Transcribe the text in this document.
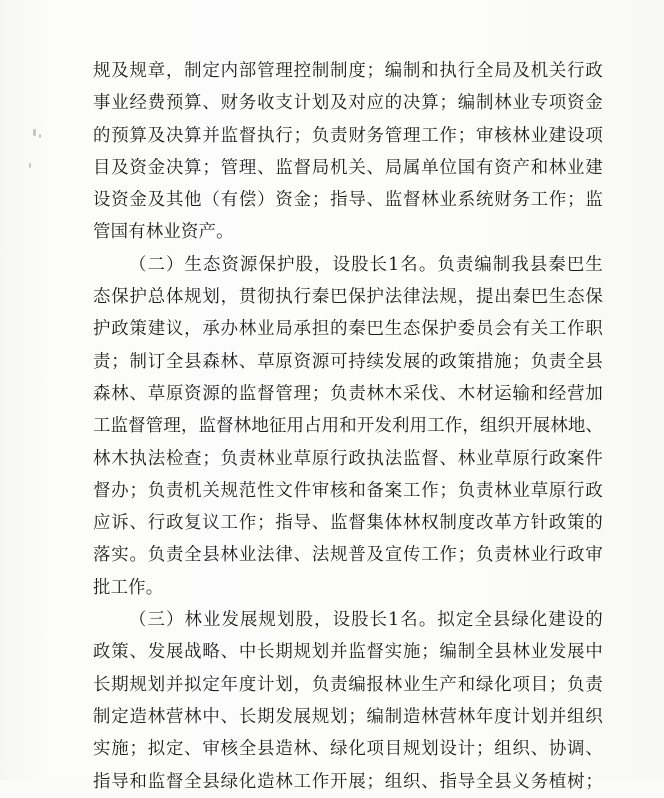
规及规章，制定内部管理控制制度；编制和执行全局及机关行政
事业经费预算、财务收支计划及对应的决算；编制林业专项资金
的预算及决算并监督执行；负责财务管理工作；审核林业建设项
目及资金决算；管理、监督局机关、局属单位国有资产和林业建
设资金及其他（有偿）资金；指导、监督林业系统财务工作；监
管国有林业资产。
（二）生态资源保护股，设股长1名。负责编制我县秦巴生
态保护总体规划，贯彻执行秦巴保护法律法规，提出秦巴生态保
护政策建议，承办林业局承担的秦巴生态保护委员会有关工作职
责；制订全县森林、草原资源可持续发展的政策措施；负责全县
森林、草原资源的监督管理；负责林木采伐、木材运输和经营加
工监督管理，监督林地征用占用和开发利用工作，组织开展林地、
林木执法检查；负责林业草原行政执法监督、林业草原行政案件
督办；负责机关规范性文件审核和备案工作；负责林业草原行政
应诉、行政复议工作；指导、监督集体林权制度改革方针政策的
落实。负责全县林业法律、法规普及宣传工作；负责林业行政审
批工作。
（三）林业发展规划股，设股长1名。拟定全县绿化建设的
政策、发展战略、中长期规划并监督实施；编制全县林业发展中
长期规划并拟定年度计划，负责编报林业生产和绿化项目；负责
制定造林营林中、长期发展规划；编制造林营林年度计划并组织
实施；拟定、审核全县造林、绿化项目规划设计；组织、协调、
指导和监督全县绿化造林工作开展；组织、指导全县义务植树；
